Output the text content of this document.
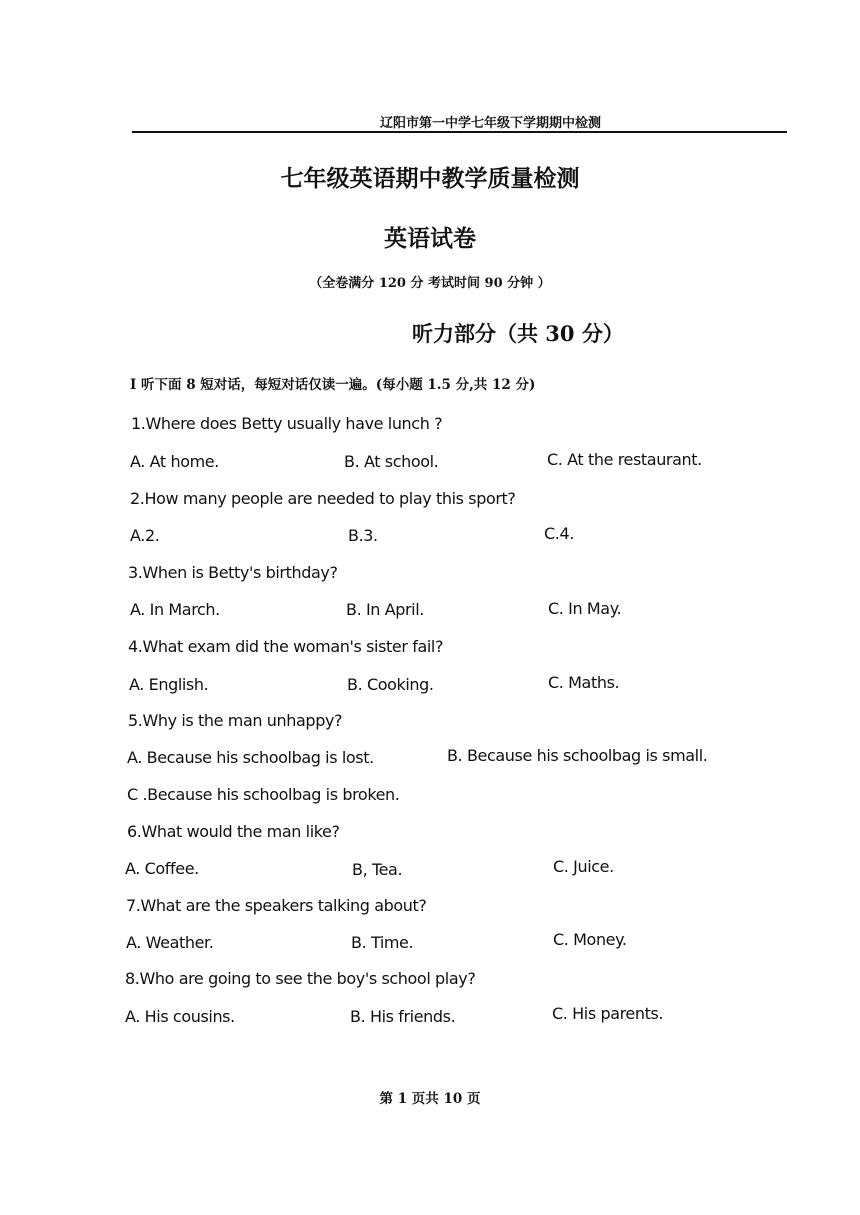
辽阳市第一中学七年级下学期期中检测
七年级英语期中教学质量检测
英语试卷
（全卷满分 120 分 考试时间 90 分钟 ）
听力部分（共 30 分）
I 听下面 8 短对话，每短对话仅读一遍。(每小题 1.5 分,共 12 分)
1.Where does Betty usually have lunch ?
A. At home.	B. At school.	C. At the restaurant.
2.How many people are needed to play this sport?
A.2.	B.3.	C.4.
3.When is Betty's birthday?
A. In March.	B. In April.	C. In May.
4.What exam did the woman's sister fail?
A. English.	B. Cooking.	C. Maths.
5.Why is the man unhappy?
A. Because his schoolbag is lost.	B. Because his schoolbag is small.
C .Because his schoolbag is broken.
6.What would the man like?
A. Coffee.	B, Tea.	C. Juice.
7.What are the speakers talking about?
A. Weather.	B. Time.	C. Money.
8.Who are going to see the boy's school play?
A. His cousins.	B. His friends.	C. His parents.
第 1 页共 10 页
